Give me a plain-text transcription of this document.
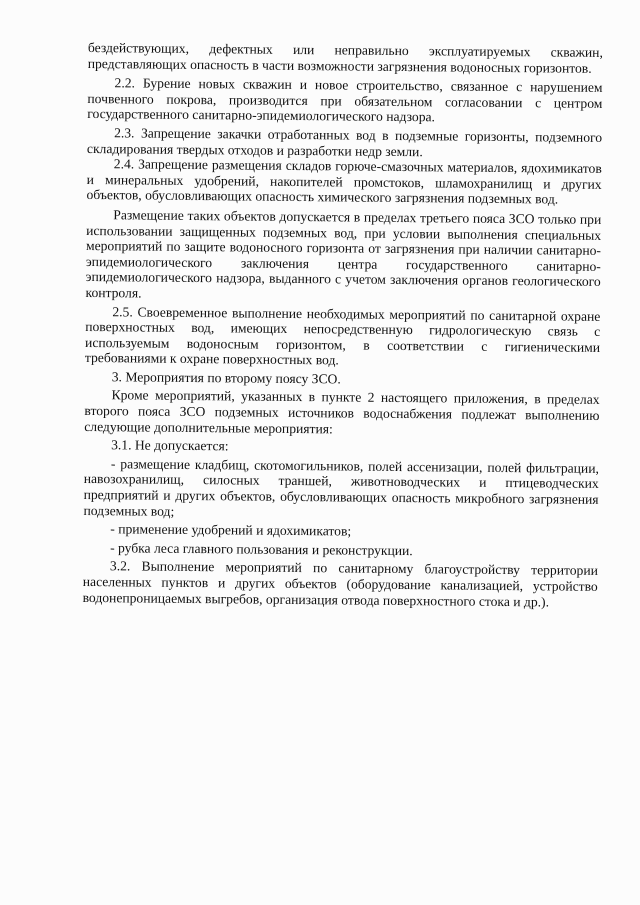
бездействующих, дефектных или неправильно эксплуатируемых скважин, представляющих опасность в части возможности загрязнения водоносных горизонтов.

2.2. Бурение новых скважин и новое строительство, связанное с нарушением почвенного покрова, производится при обязательном согласовании с центром государственного санитарно-эпидемиологического надзора.

2.3. Запрещение закачки отработанных вод в подземные горизонты, подземного складирования твердых отходов и разработки недр земли.

2.4. Запрещение размещения складов горюче-смазочных материалов, ядохимикатов и минеральных удобрений, накопителей промстоков, шламохранилищ и других объектов, обусловливающих опасность химического загрязнения подземных вод.

Размещение таких объектов допускается в пределах третьего пояса ЗСО только при использовании защищенных подземных вод, при условии выполнения специальных мероприятий по защите водоносного горизонта от загрязнения при наличии санитарно-эпидемиологического заключения центра государственного санитарно-эпидемиологического надзора, выданного с учетом заключения органов геологического контроля.

2.5. Своевременное выполнение необходимых мероприятий по санитарной охране поверхностных вод, имеющих непосредственную гидрологическую связь с используемым водоносным горизонтом, в соответствии с гигиеническими требованиями к охране поверхностных вод.

3. Мероприятия по второму поясу ЗСО.

Кроме мероприятий, указанных в пункте 2 настоящего приложения, в пределах второго пояса ЗСО подземных источников водоснабжения подлежат выполнению следующие дополнительные мероприятия:

3.1. Не допускается:

- размещение кладбищ, скотомогильников, полей ассенизации, полей фильтрации, навозохранилищ, силосных траншей, животноводческих и птицеводческих предприятий и других объектов, обусловливающих опасность микробного загрязнения подземных вод;

- применение удобрений и ядохимикатов;

- рубка леса главного пользования и реконструкции.

3.2. Выполнение мероприятий по санитарному благоустройству территории населенных пунктов и других объектов (оборудование канализацией, устройство водонепроницаемых выгребов, организация отвода поверхностного стока и др.).
